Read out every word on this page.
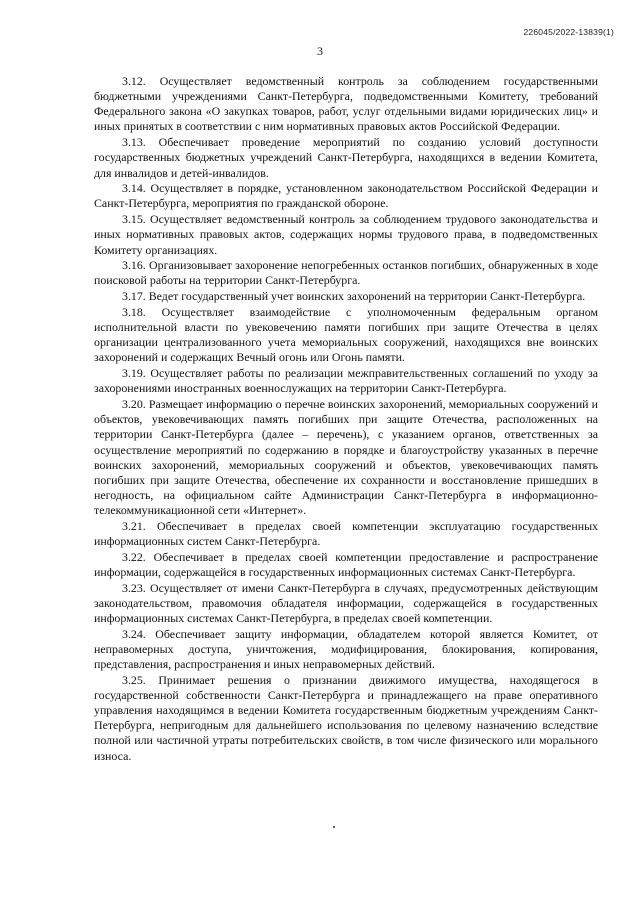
226045/2022-13839(1)
3

3.12. Осуществляет ведомственный контроль за соблюдением государственными бюджетными учреждениями Санкт-Петербурга, подведомственными Комитету, требований Федерального закона «О закупках товаров, работ, услуг отдельными видами юридических лиц» и иных принятых в соответствии с ним нормативных правовых актов Российской Федерации.

3.13. Обеспечивает проведение мероприятий по созданию условий доступности государственных бюджетных учреждений Санкт-Петербурга, находящихся в ведении Комитета, для инвалидов и детей-инвалидов.

3.14. Осуществляет в порядке, установленном законодательством Российской Федерации и Санкт-Петербурга, мероприятия по гражданской обороне.

3.15. Осуществляет ведомственный контроль за соблюдением трудового законодательства и иных нормативных правовых актов, содержащих нормы трудового права, в подведомственных Комитету организациях.

3.16. Организовывает захоронение непогребенных останков погибших, обнаруженных в ходе поисковой работы на территории Санкт-Петербурга.

3.17. Ведет государственный учет воинских захоронений на территории Санкт-Петербурга.

3.18. Осуществляет взаимодействие с уполномоченным федеральным органом исполнительной власти по увековечению памяти погибших при защите Отечества в целях организации централизованного учета мемориальных сооружений, находящихся вне воинских захоронений и содержащих Вечный огонь или Огонь памяти.

3.19. Осуществляет работы по реализации межправительственных соглашений по уходу за захоронениями иностранных военнослужащих на территории Санкт-Петербурга.

3.20. Размещает информацию о перечне воинских захоронений, мемориальных сооружений и объектов, увековечивающих память погибших при защите Отечества, расположенных на территории Санкт-Петербурга (далее – перечень), с указанием органов, ответственных за осуществление мероприятий по содержанию в порядке и благоустройству указанных в перечне воинских захоронений, мемориальных сооружений и объектов, увековечивающих память погибших при защите Отечества, обеспечение их сохранности и восстановление пришедших в негодность, на официальном сайте Администрации Санкт-Петербурга в информационно-телекоммуникационной сети «Интернет».

3.21. Обеспечивает в пределах своей компетенции эксплуатацию государственных информационных систем Санкт-Петербурга.

3.22. Обеспечивает в пределах своей компетенции предоставление и распространение информации, содержащейся в государственных информационных системах Санкт-Петербурга.

3.23. Осуществляет от имени Санкт-Петербурга в случаях, предусмотренных действующим законодательством, правомочия обладателя информации, содержащейся в государственных информационных системах Санкт-Петербурга, в пределах своей компетенции.

3.24. Обеспечивает защиту информации, обладателем которой является Комитет, от неправомерных доступа, уничтожения, модифицирования, блокирования, копирования, представления, распространения и иных неправомерных действий.

3.25. Принимает решения о признании движимого имущества, находящегося в государственной собственности Санкт-Петербурга и принадлежащего на праве оперативного управления находящимся в ведении Комитета государственным бюджетным учреждениям Санкт-Петербурга, непригодным для дальнейшего использования по целевому назначению вследствие полной или частичной утраты потребительских свойств, в том числе физического или морального износа.
